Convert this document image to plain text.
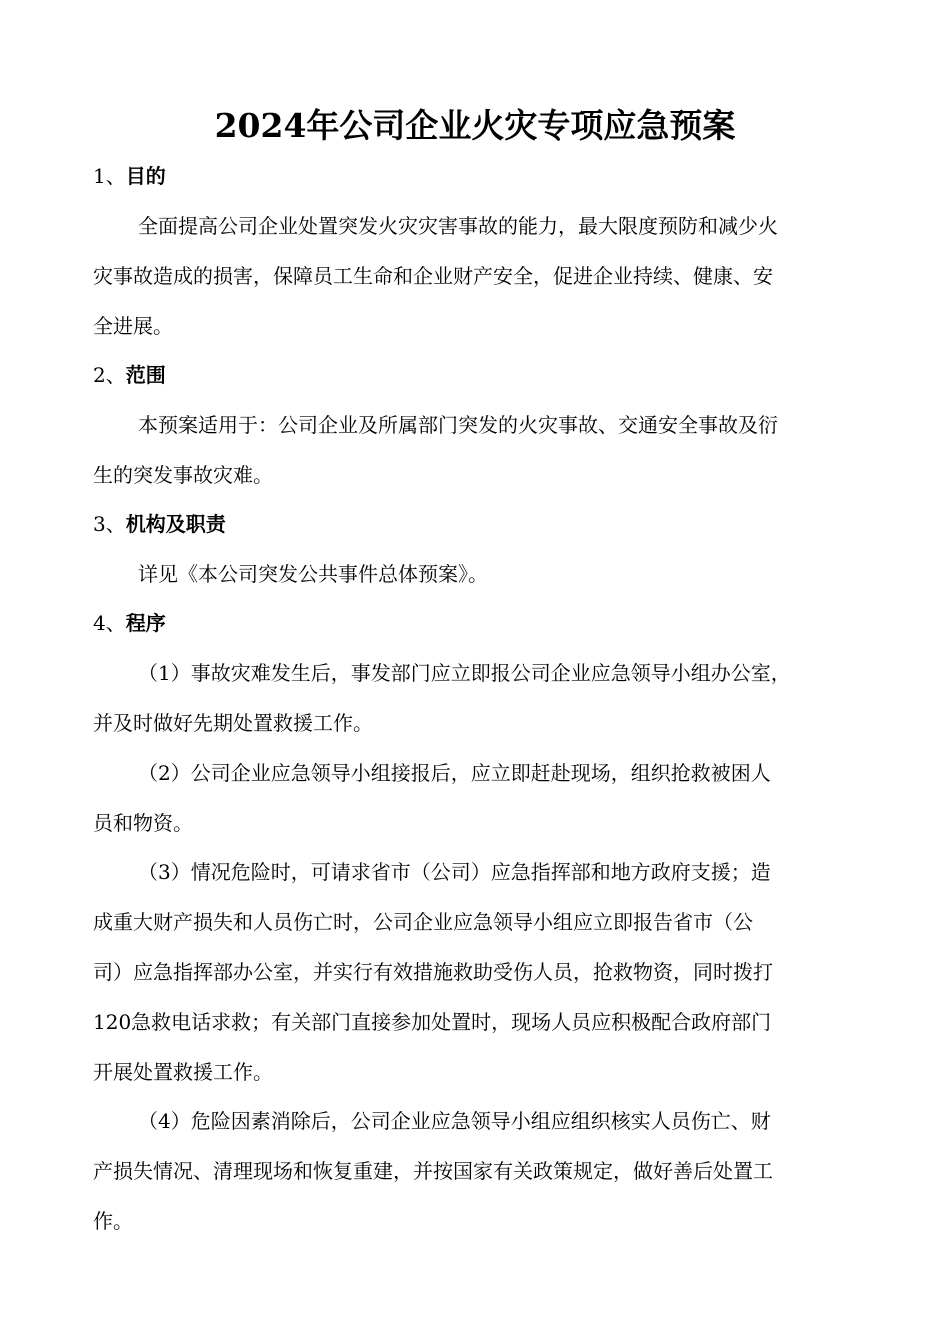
2024年公司企业火灾专项应急预案
1、目的
全面提高公司企业处置突发火灾灾害事故的能力，最大限度预防和减少火
灾事故造成的损害，保障员工生命和企业财产安全，促进企业持续、健康、安
全进展。
2、范围
本预案适用于：公司企业及所属部门突发的火灾事故、交通安全事故及衍
生的突发事故灾难。
3、机构及职责
详见《本公司突发公共事件总体预案》。
4、程序
（1）事故灾难发生后，事发部门应立即报公司企业应急领导小组办公室，
并及时做好先期处置救援工作。
（2）公司企业应急领导小组接报后，应立即赶赴现场，组织抢救被困人
员和物资。
（3）情况危险时，可请求省市（公司）应急指挥部和地方政府支援；造
成重大财产损失和人员伤亡时，公司企业应急领导小组应立即报告省市（公
司）应急指挥部办公室，并实行有效措施救助受伤人员，抢救物资，同时拨打
120急救电话求救；有关部门直接参加处置时，现场人员应积极配合政府部门
开展处置救援工作。
（4）危险因素消除后，公司企业应急领导小组应组织核实人员伤亡、财
产损失情况、清理现场和恢复重建，并按国家有关政策规定，做好善后处置工
作。
